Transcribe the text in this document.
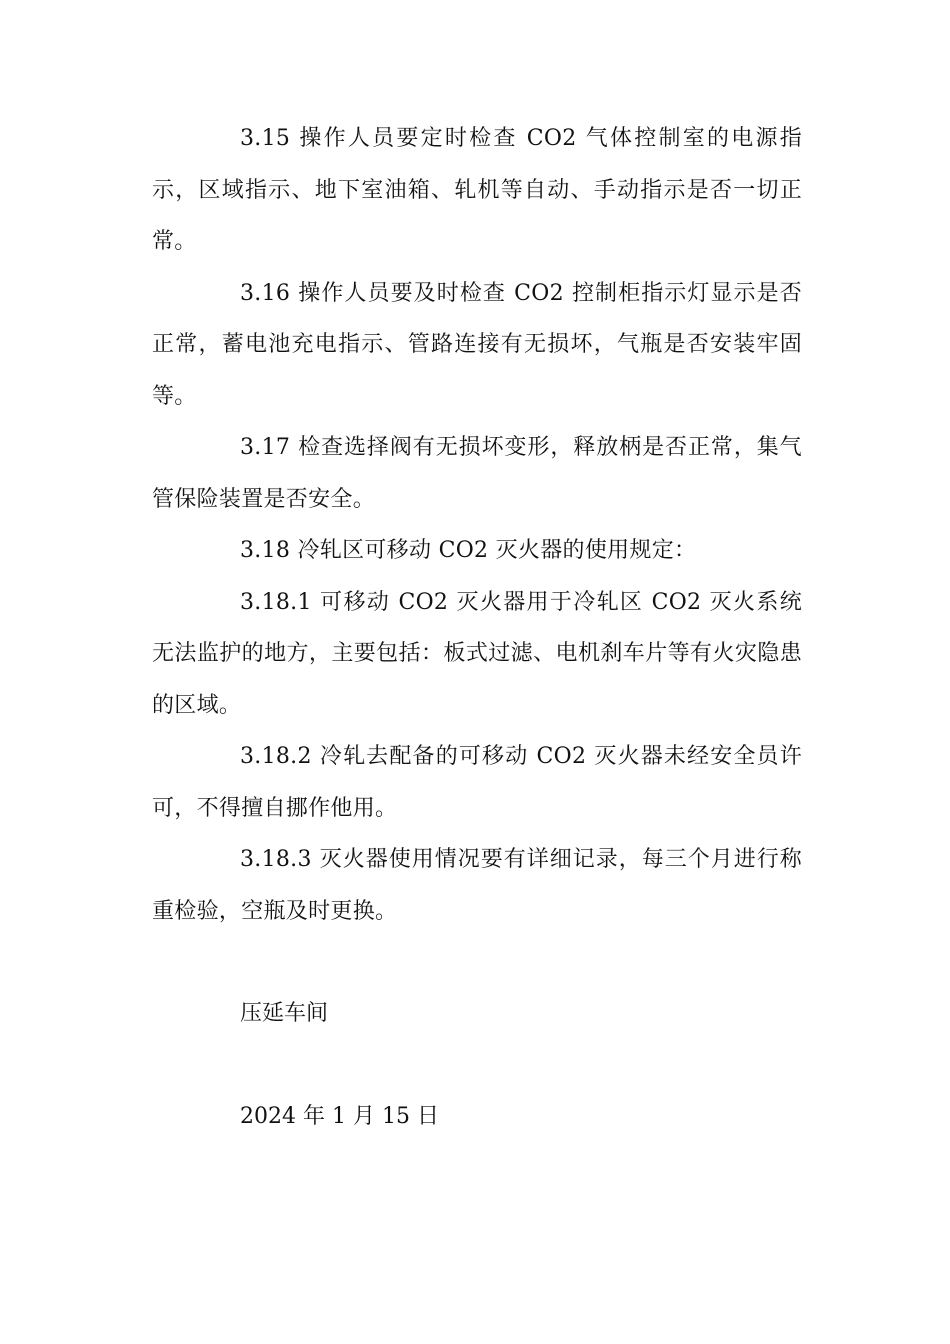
3.15 操作人员要定时检查 CO2 气体控制室的电源指示，区域指示、地下室油箱、轧机等自动、手动指示是否一切正常。

3.16 操作人员要及时检查 CO2 控制柜指示灯显示是否正常，蓄电池充电指示、管路连接有无损坏，气瓶是否安装牢固等。

3.17 检查选择阀有无损坏变形，释放柄是否正常，集气管保险装置是否安全。

3.18 冷轧区可移动 CO2 灭火器的使用规定：

3.18.1 可移动 CO2 灭火器用于冷轧区 CO2 灭火系统无法监护的地方，主要包括：板式过滤、电机刹车片等有火灾隐患的区域。

3.18.2 冷轧去配备的可移动 CO2 灭火器未经安全员许可，不得擅自挪作他用。

3.18.3 灭火器使用情况要有详细记录，每三个月进行称重检验，空瓶及时更换。

压延车间

2024 年 1 月 15 日
